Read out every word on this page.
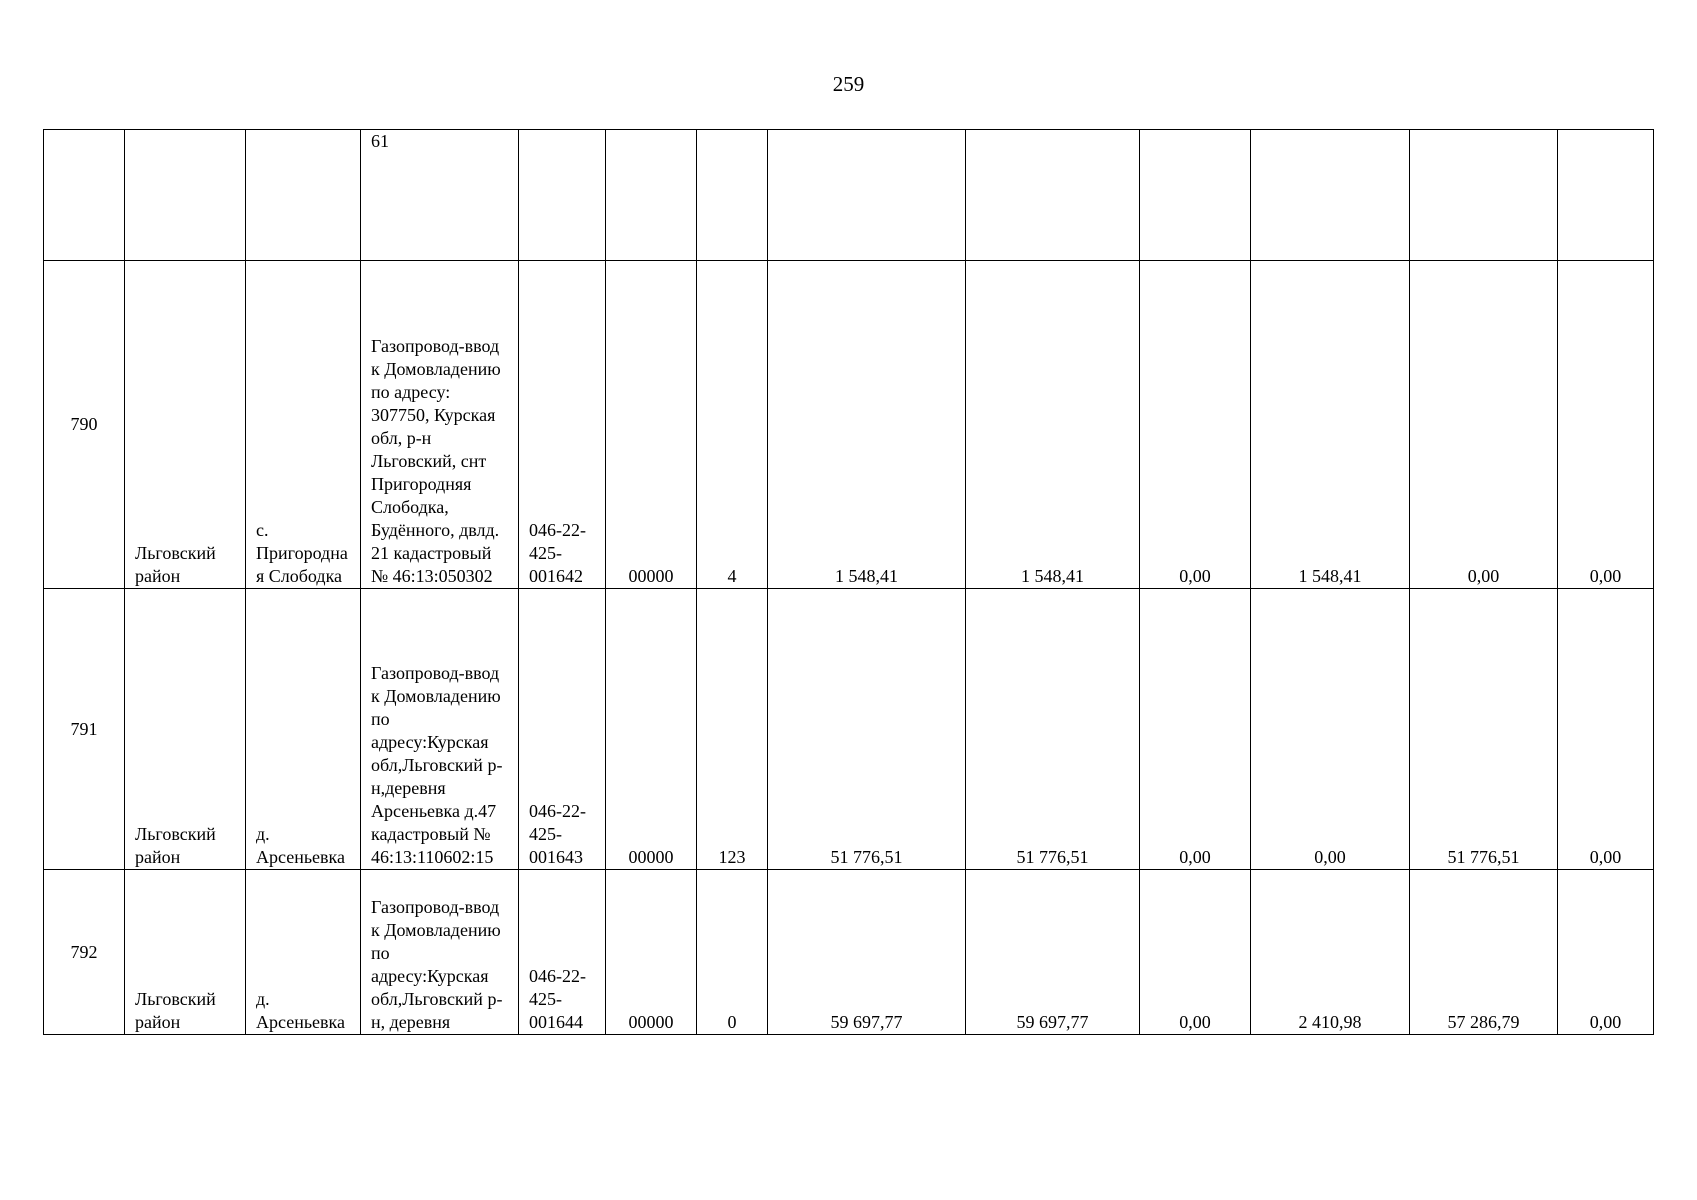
259
			61									
790	Льговский район	с. Пригородная Слободка	Газопровод-ввод к Домовладению по адресу: 307750, Курская обл, р-н Льговский, снт Пригородняя Слободка, Будённого, двлд. 21 кадастровый № 46:13:050302	046-22-425-001642	00000	4	1 548,41	1 548,41	0,00	1 548,41	0,00	0,00
791	Льговский район	д. Арсеньевка	Газопровод-ввод к Домовладению по адресу:Курская обл,Льговский р-н,деревня Арсеньевка д.47 кадастровый № 46:13:110602:15	046-22-425-001643	00000	123	51 776,51	51 776,51	0,00	0,00	51 776,51	0,00
792	Льговский район	д. Арсеньевка	Газопровод-ввод к Домовладению по адресу:Курская обл,Льговский р-н, деревня	046-22-425-001644	00000	0	59 697,77	59 697,77	0,00	2 410,98	57 286,79	0,00
